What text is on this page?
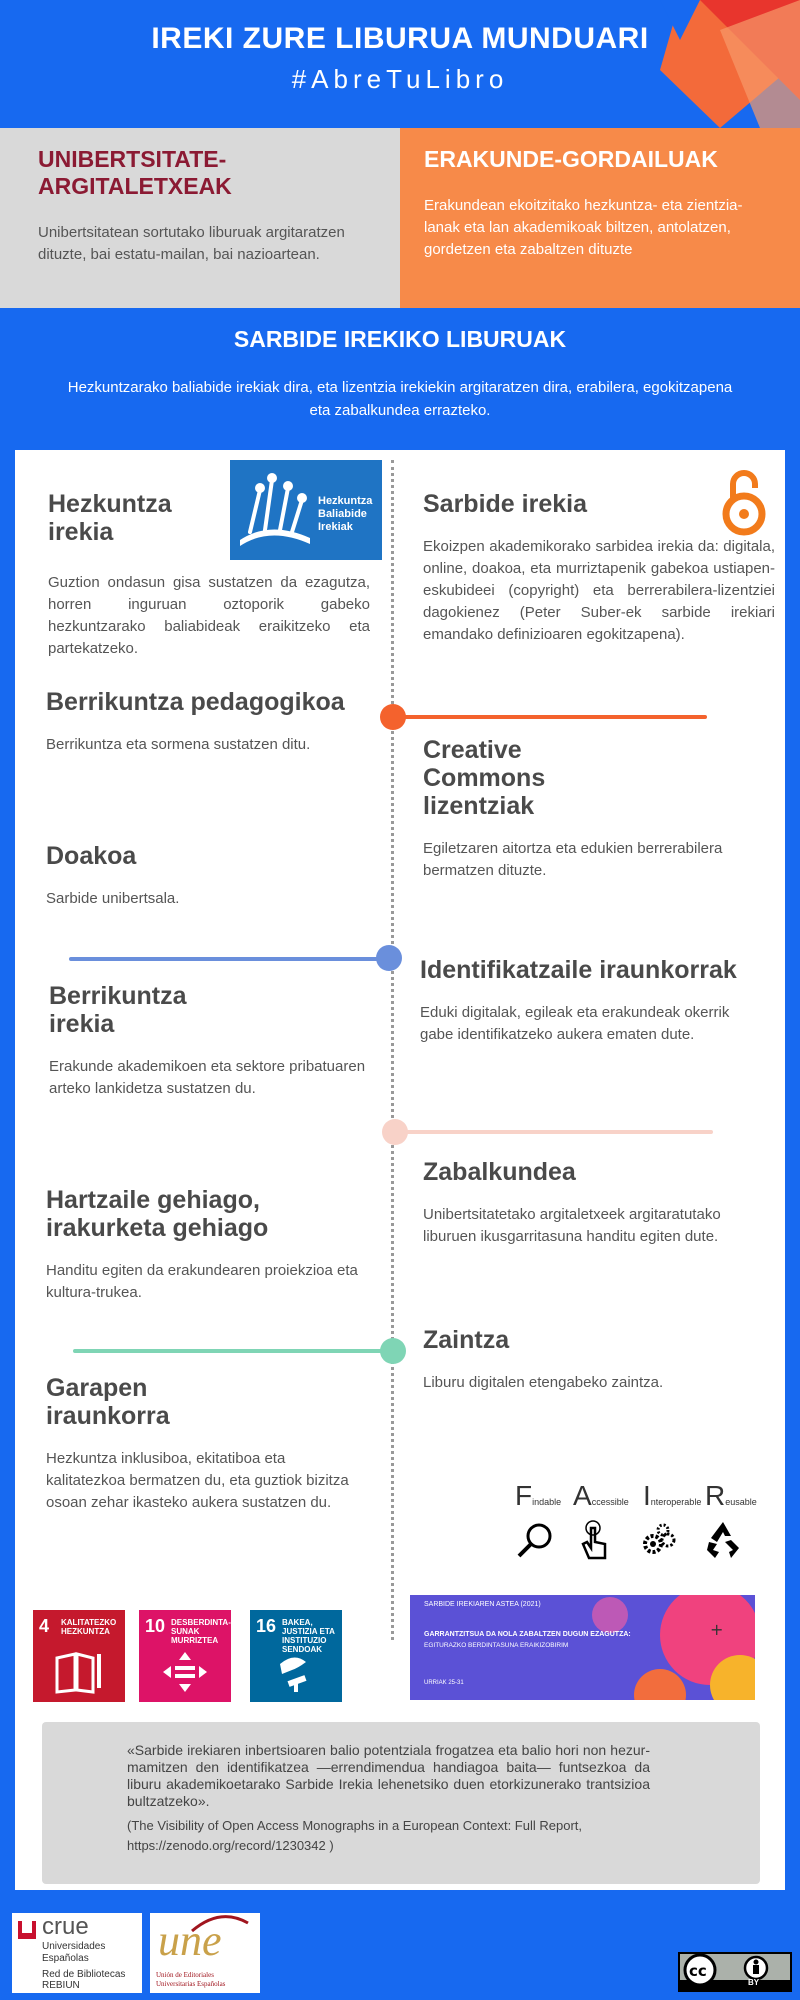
IREKI ZURE LIBURUA MUNDUARI
#AbreTuLibro
UNIBERTSITATE-ARGITALETXEAK

Unibertsitatean sortutako liburuak argitaratzen dituzte, bai estatu-mailan, bai nazioartean.

ERAKUNDE-GORDAILUAK

Erakundean ekoitzitako hezkuntza- eta zientzia-lanak eta lan akademikoak biltzen, antolatzen, gordetzen eta zabaltzen dituzte

SARBIDE IREKIKO LIBURUAK
Hezkuntzarako baliabide irekiak dira, eta lizentzia irekiekin argitaratzen dira, erabilera, egokitzapena eta zabalkundea errazteko.
Hezkuntza Baliabide Irekiak
Hezkuntza irekia

Guztion ondasun gisa sustatzen da ezagutza, horren inguruan oztoporik gabeko hezkuntzarako baliabideak eraikitzeko eta partekatzeko.

Berrikuntza pedagogikoa

Berrikuntza eta sormena sustatzen ditu.

Doakoa

Sarbide unibertsala.

Berrikuntza irekia

Erakunde akademikoen eta sektore pribatuaren arteko lankidetza sustatzen du.

Hartzaile gehiago, irakurketa gehiago

Handitu egiten da erakundearen proiekzioa eta kultura-trukea.

Garapen iraunkorra

Hezkuntza inklusiboa, ekitatiboa eta kalitatezkoa bermatzen du, eta guztiok bizitza osoan zehar ikasteko aukera sustatzen du.

Sarbide irekia

Ekoizpen akademikorako sarbidea irekia da: digitala, online, doakoa, eta murriztapenik gabekoa ustiapen-eskubideei (copyright) eta berrerabilera-lizentziei dagokienez (Peter Suber-ek sarbide irekiari emandako definizioaren egokitzapena).

Creative Commons lizentziak

Egiletzaren aitortza eta edukien berrerabilera bermatzen dituzte.

Identifikatzaile iraunkorrak

Eduki digitalak, egileak eta erakundeak okerrik gabe identifikatzeko aukera ematen dute.

Zabalkundea

Unibertsitatetako argitaletxeek argitaratutako liburuen ikusgarritasuna handitu egiten dute.

Zaintza

Liburu digitalen etengabeko zaintza.

Findable Accessible Interoperable Reusable
4	KALITATEZKO HEZKUNTZA	10 DESBERDINTA-SUNAK MURRIZTEA
16 BAKEA, JUSTIZIA ETA INSTITUZIO SENDOAK
+
SARBIDE IREKIAREN ASTEA (2021)
GARRANTZITSUA DA NOLA ZABALTZEN DUGUN EZAGUTZA:
EGITURAZKO BERDINTASUNA ERAIKIZOBIRIM
URRIAK 25-31

«Sarbide irekiaren inbertsioaren balio potentziala frogatzea eta balio hori non hezur-mamitzen den identifikatzea —errendimendua handiagoa baita— funtsezkoa da liburu akademikoetarako Sarbide Irekia lehenetsiko duen etorkizunerako trantsizioa bultzatzeko».

(The Visibility of Open Access Monographs in a European Context: Full Report, https://zenodo.org/record/1230342 )

crue
Universidades
Españolas
Red de Bibliotecas
REBIUN
une
Unión de Editoriales
Universitarias Españolas
cc
BY
